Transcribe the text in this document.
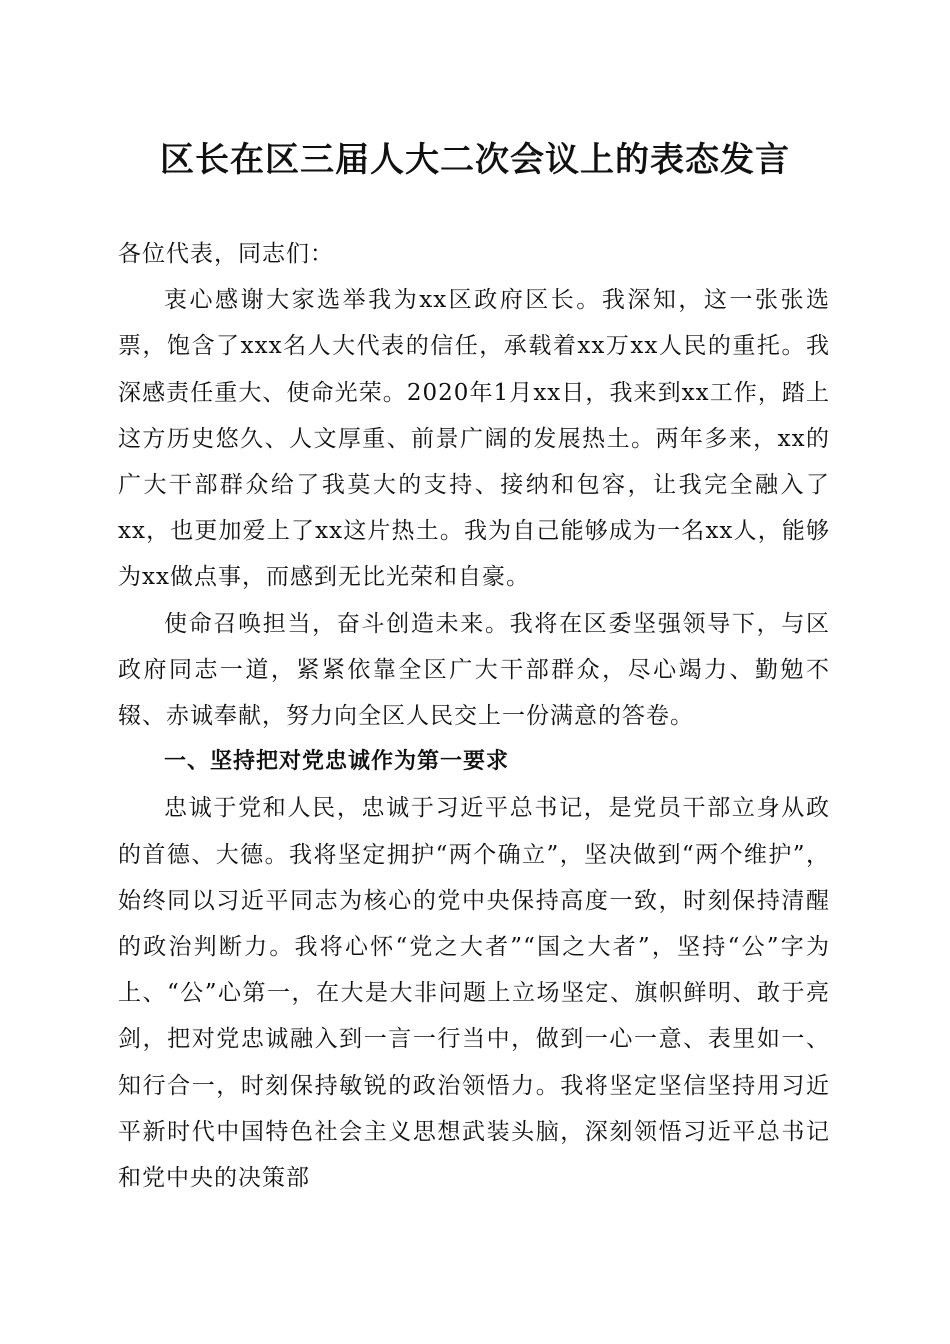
区长在区三届人大二次会议上的表态发言

各位代表，同志们：

衷心感谢大家选举我为xx区政府区长。我深知，这一张张选票，饱含了xxx名人大代表的信任，承载着xx万xx人民的重托。我深感责任重大、使命光荣。2020年1月xx日，我来到xx工作，踏上这方历史悠久、人文厚重、前景广阔的发展热土。两年多来，xx的广大干部群众给了我莫大的支持、接纳和包容，让我完全融入了xx，也更加爱上了xx这片热土。我为自己能够成为一名xx人，能够为xx做点事，而感到无比光荣和自豪。

使命召唤担当，奋斗创造未来。我将在区委坚强领导下，与区政府同志一道，紧紧依靠全区广大干部群众，尽心竭力、勤勉不辍、赤诚奉献，努力向全区人民交上一份满意的答卷。

一、坚持把对党忠诚作为第一要求

忠诚于党和人民，忠诚于习近平总书记，是党员干部立身从政的首德、大德。我将坚定拥护“两个确立”，坚决做到“两个维护”，始终同以习近平同志为核心的党中央保持高度一致，时刻保持清醒的政治判断力。我将心怀“党之大者”“国之大者”，坚持“公”字为上、“公”心第一，在大是大非问题上立场坚定、旗帜鲜明、敢于亮剑，把对党忠诚融入到一言一行当中，做到一心一意、表里如一、知行合一，时刻保持敏锐的政治领悟力。我将坚定坚信坚持用习近平新时代中国特色社会主义思想武装头脑，深刻领悟习近平总书记和党中央的决策部
